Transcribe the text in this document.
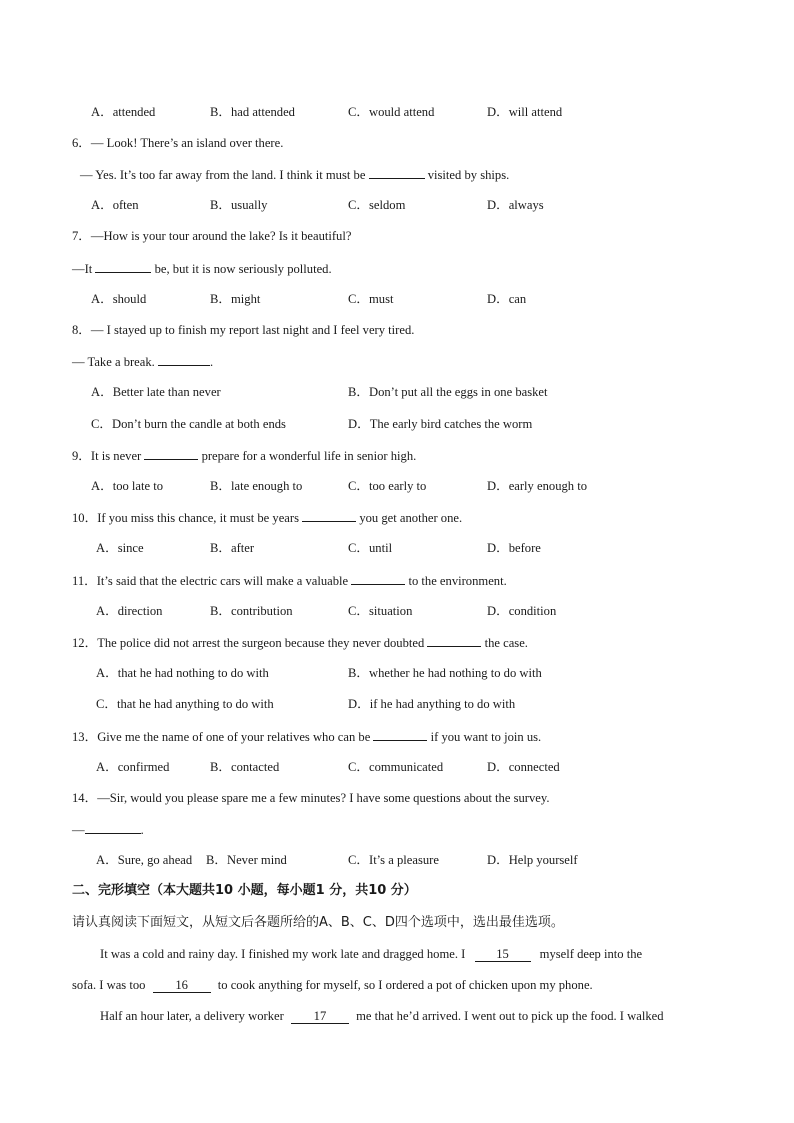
A．attended	B．had attended	C．would attend	D．will attend
6．— Look! There’s an island over there.
— Yes. It’s too far away from the land. I think it must be	visited by ships.
A．often	B．usually	C．seldom	D．always
7．—How is your tour around the lake? Is it beautiful?
—It	be, but it is now seriously polluted.
A．should	B．might	C．must	D．can
8．— I stayed up to finish my report last night and I feel very tired.
— Take a break.	.
A．Better late than never	B．Don’t put all the eggs in one basket
C．Don’t burn the candle at both ends	D．The early bird catches the worm
9．It is never	prepare for a wonderful life in senior high.
A．too late to	B．late enough to	C．too early to	D．early enough to
10．If you miss this chance, it must be years	you get another one.
A．since	B．after	C．until	D．before
11．It’s said that the electric cars will make a valuable	to the environment.
A．direction	B．contribution	C．situation	D．condition
12．The police did not arrest the surgeon because they never doubted	the case.
A．that he had nothing to do with	B．whether he had nothing to do with
C．that he had anything to do with	D．if he had anything to do with
13．Give me the name of one of your relatives who can be	if you want to join us.
A．confirmed	B．contacted	C．communicated	D．connected
14．—Sir, would you please spare me a few minutes? I have some questions about the survey.
—	.
A．Sure, go ahead B．Never mind	C．It’s a pleasure	D．Help yourself
二、完形填空（本大题共10 小题，每小题1 分，共10 分）
请认真阅读下面短文，从短文后各题所给的A、B、C、D四个选项中，选出最佳选项。
It was a cold and rainy day. I finished my work late and dragged home. I 15 myself deep into the
sofa. I was too 16 to cook anything for myself, so I ordered a pot of chicken upon my phone.
Half an hour later, a delivery worker 17 me that he’d arrived. I went out to pick up the food. I walked
